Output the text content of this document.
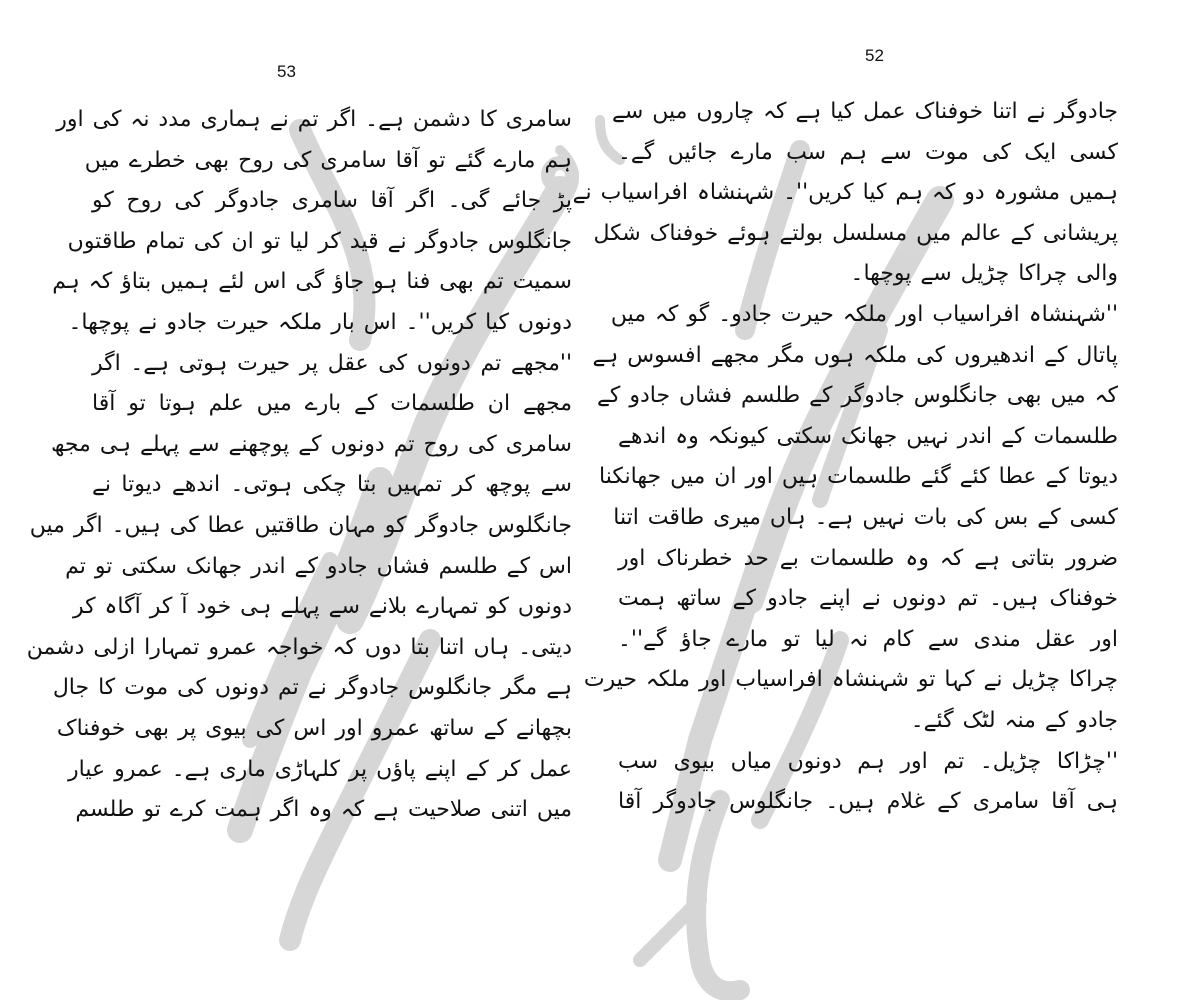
53
سامری کا دشمن ہے۔ اگر تم نے ہماری مدد نہ کی اور
ہم مارے گئے تو آقا سامری کی روح بھی خطرے میں
پڑ جائے گی۔ اگر آقا سامری جادوگر کی روح کو
جانگلوس جادوگر نے قید کر لیا تو ان کی تمام طاقتوں
سمیت تم بھی فنا ہو جاؤ گی اس لئے ہمیں بتاؤ کہ ہم
دونوں کیا کریں''۔ اس بار ملکہ حیرت جادو نے پوچھا۔
''مجھے تم دونوں کی عقل پر حیرت ہوتی ہے۔ اگر
مجھے ان طلسمات کے بارے میں علم ہوتا تو آقا
سامری کی روح تم دونوں کے پوچھنے سے پہلے ہی مجھ
سے پوچھ کر تمہیں بتا چکی ہوتی۔ اندھے دیوتا نے
جانگلوس جادوگر کو مہان طاقتیں عطا کی ہیں۔ اگر میں
اس کے طلسم فشاں جادو کے اندر جھانک سکتی تو تم
دونوں کو تمہارے بلانے سے پہلے ہی خود آ کر آگاہ کر
دیتی۔ ہاں اتنا بتا دوں کہ خواجہ عمرو تمہارا ازلی دشمن
ہے مگر جانگلوس جادوگر نے تم دونوں کی موت کا جال
بچھانے کے ساتھ عمرو اور اس کی بیوی پر بھی خوفناک
عمل کر کے اپنے پاؤں پر کلہاڑی ماری ہے۔ عمرو عیار
میں اتنی صلاحیت ہے کہ وہ اگر ہمت کرے تو طلسم
52
جادوگر نے اتنا خوفناک عمل کیا ہے کہ چاروں میں سے
کسی ایک کی موت سے ہم سب مارے جائیں گے۔
ہمیں مشورہ دو کہ ہم کیا کریں''۔ شہنشاہ افراسیاب نے
پریشانی کے عالم میں مسلسل بولتے ہوئے خوفناک شکل
والی چراکا چڑیل سے پوچھا۔
''شہنشاہ افراسیاب اور ملکہ حیرت جادو۔ گو کہ میں
پاتال کے اندھیروں کی ملکہ ہوں مگر مجھے افسوس ہے
کہ میں بھی جانگلوس جادوگر کے طلسم فشاں جادو کے
طلسمات کے اندر نہیں جھانک سکتی کیونکہ وہ اندھے
دیوتا کے عطا کئے گئے طلسمات ہیں اور ان میں جھانکنا
کسی کے بس کی بات نہیں ہے۔ ہاں میری طاقت اتنا
ضرور بتاتی ہے کہ وہ طلسمات بے حد خطرناک اور
خوفناک ہیں۔ تم دونوں نے اپنے جادو کے ساتھ ہمت
اور عقل مندی سے کام نہ لیا تو مارے جاؤ گے''۔
چراکا چڑیل نے کہا تو شہنشاہ افراسیاب اور ملکہ حیرت
جادو کے منہ لٹک گئے۔
''چڑاکا چڑیل۔ تم اور ہم دونوں میاں بیوی سب
ہی آقا سامری کے غلام ہیں۔ جانگلوس جادوگر آقا
